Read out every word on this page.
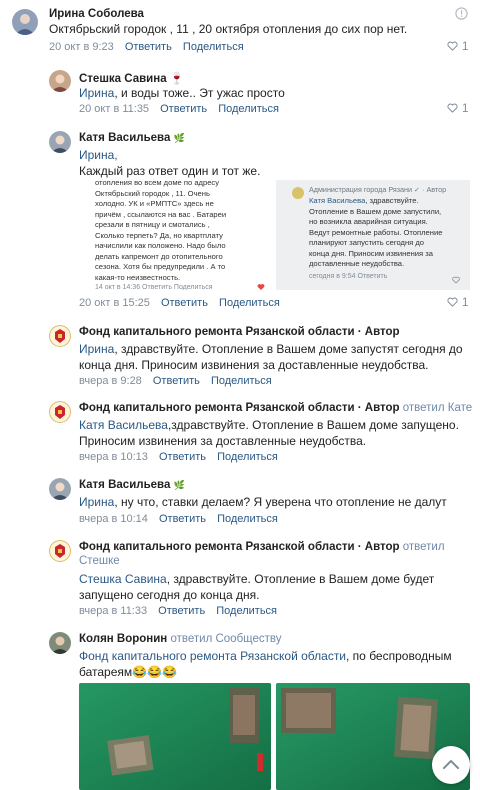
Ирина Соболева
Октябрьский городок , 11 , 20 октября отопления до сих пор нет.
20 окт в 9:23 Ответить Поделиться	1
Стешка Савина 🍷
Ирина, и воды тоже.. Эт ужас просто
20 окт в 11:35 Ответить Поделиться	1
Катя Васильева 🌿
Ирина,
Каждый раз ответ один и тот же.
отопления во всем доме по адресу
Октябрьский городок , 11. Очень
холодно. УК и «РМПТС» здесь не
причём , ссылаются на вас . Батареи
срезали в пятницу и смотались ,
Сколько терпеть? Да, но квартплату
начислили как положено. Надо было
делать капремонт до отопительного
сезона. Хотя бы предупредили . А то
какая-то неизвестность.
14 окт в 14:36 Ответить Поделиться
Администрация города Рязани ✓ · Автор
Катя Васильева, здравствуйте.
Отопление в Вашем доме запустили,
но возникла аварийная ситуация.
Ведут ремонтные работы. Отопление
планируют запустить сегодня до
конца дня. Приносим извинения за
доставленные неудобства.
сегодня в 9:54 Ответить
20 окт в 15:25 Ответить Поделиться	1
Фонд капитального ремонта Рязанской области · Автор
Ирина, здравствуйте. Отопление в Вашем доме запустят сегодня до
конца дня. Приносим извинения за доставленные неудобства.
вчера в 9:28 Ответить Поделиться
Фонд капитального ремонта Рязанской области · Автор ответил Кате
Катя Васильева,здравствуйте. Отопление в Вашем доме запущено.
Приносим извинения за доставленные неудобства.
вчера в 10:13 Ответить Поделиться
Катя Васильева 🌿
Ирина, ну что, ставки делаем? Я уверена что отопление не далут
вчера в 10:14 Ответить Поделиться
Фонд капитального ремонта Рязанской области · Автор ответил
Стешке
Стешка Савина, здравствуйте. Отопление в Вашем доме будет
запущено сегодня до конца дня.
вчера в 11:33 Ответить Поделиться
Колян Воронин ответил Сообществу
Фонд капитального ремонта Рязанской области, по беспроводным
батареям😂😂😂
